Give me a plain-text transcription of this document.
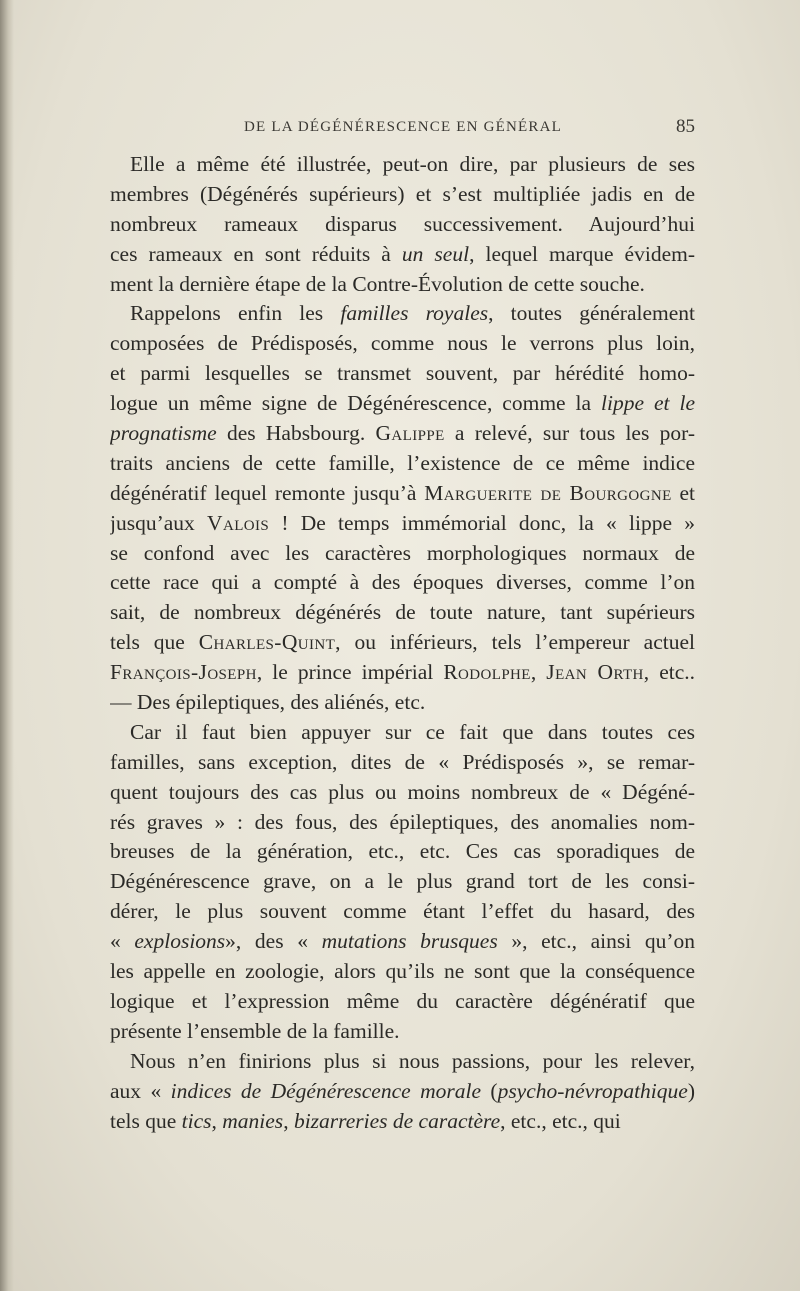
DE LA DÉGÉNÉRESCENCE EN GÉNÉRAL	85
Elle a même été illustrée, peut-on dire, par plusieurs de ses
membres (Dégénérés supérieurs) et s’est multipliée jadis en de
nombreux rameaux disparus successivement. Aujourd’hui
ces rameaux en sont réduits à un seul, lequel marque évidem-
ment la dernière étape de la Contre-Évolution de cette souche.
Rappelons enfin les familles royales, toutes généralement
composées de Prédisposés, comme nous le verrons plus loin,
et parmi lesquelles se transmet souvent, par hérédité homo-
logue un même signe de Dégénérescence, comme la lippe et le
prognatisme des Habsbourg. Galippe a relevé, sur tous les por-
traits anciens de cette famille, l’existence de ce même indice
dégénératif lequel remonte jusqu’à Marguerite de Bourgogne et
jusqu’aux Valois ! De temps immémorial donc, la « lippe »
se confond avec les caractères morphologiques normaux de
cette race qui a compté à des époques diverses, comme l’on
sait, de nombreux dégénérés de toute nature, tant supérieurs
tels que Charles-Quint, ou inférieurs, tels l’empereur actuel
François-Joseph, le prince impérial Rodolphe, Jean Orth, etc..
— Des épileptiques, des aliénés, etc.
Car il faut bien appuyer sur ce fait que dans toutes ces
familles, sans exception, dites de « Prédisposés », se remar-
quent toujours des cas plus ou moins nombreux de « Dégéné-
rés graves » : des fous, des épileptiques, des anomalies nom-
breuses de la génération, etc., etc. Ces cas sporadiques de
Dégénérescence grave, on a le plus grand tort de les consi-
dérer, le plus souvent comme étant l’effet du hasard, des
« explosions», des « mutations brusques », etc., ainsi qu’on
les appelle en zoologie, alors qu’ils ne sont que la conséquence
logique et l’expression même du caractère dégénératif que
présente l’ensemble de la famille.
Nous n’en finirions plus si nous passions, pour les relever,
aux « indices de Dégénérescence morale (psycho-névropathique)
tels que tics, manies, bizarreries de caractère, etc., etc., qui
